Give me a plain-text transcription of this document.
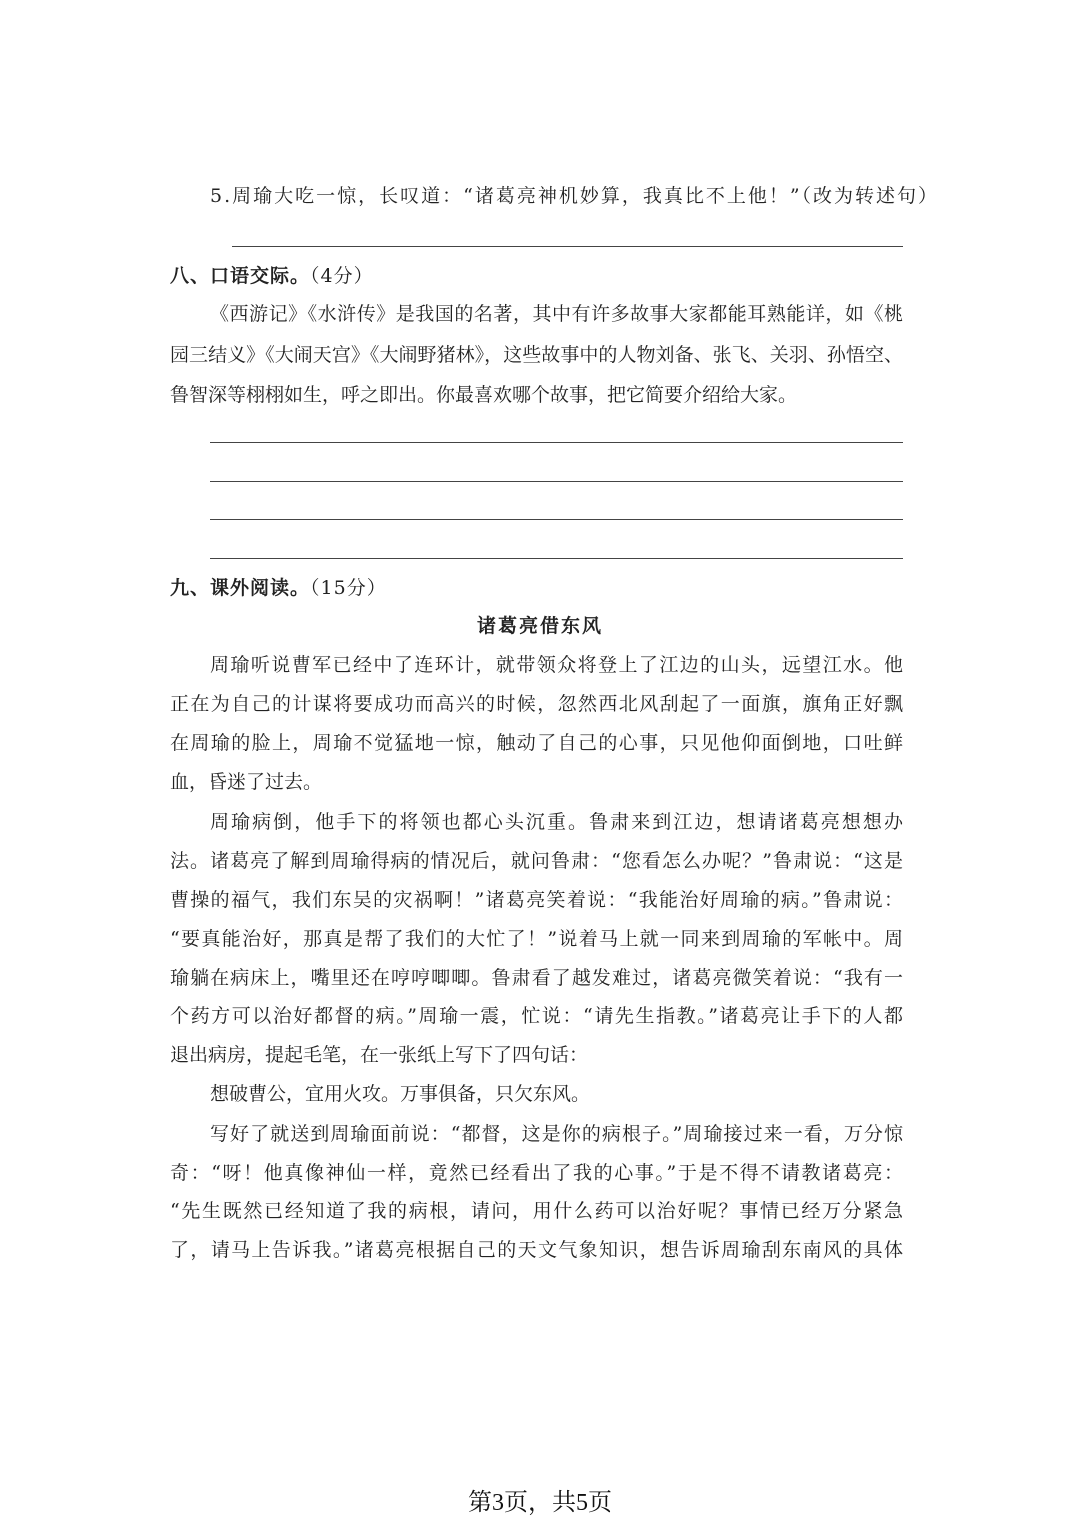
5.周瑜大吃一惊，长叹道：“诸葛亮神机妙算，我真比不上他！”（改为转述句）
八、口语交际。（4分）
《西游记》《水浒传》是我国的名著，其中有许多故事大家都能耳熟能详，如《桃
园三结义》《大闹天宫》《大闹野猪林》，这些故事中的人物刘备、张飞、关羽、孙悟空、
鲁智深等栩栩如生，呼之即出。你最喜欢哪个故事，把它简要介绍给大家。
九、课外阅读。（15分）
诸葛亮借东风
周瑜听说曹军已经中了连环计，就带领众将登上了江边的山头，远望江水。他
正在为自己的计谋将要成功而高兴的时候，忽然西北风刮起了一面旗，旗角正好飘
在周瑜的脸上，周瑜不觉猛地一惊，触动了自己的心事，只见他仰面倒地，口吐鲜
血，昏迷了过去。
周瑜病倒，他手下的将领也都心头沉重。鲁肃来到江边，想请诸葛亮想想办
法。诸葛亮了解到周瑜得病的情况后，就问鲁肃：“您看怎么办呢？”鲁肃说：“这是
曹操的福气，我们东吴的灾祸啊！”诸葛亮笑着说：“我能治好周瑜的病。”鲁肃说：
“要真能治好，那真是帮了我们的大忙了！”说着马上就一同来到周瑜的军帐中。周
瑜躺在病床上，嘴里还在哼哼唧唧。鲁肃看了越发难过，诸葛亮微笑着说：“我有一
个药方可以治好都督的病。”周瑜一震，忙说：“请先生指教。”诸葛亮让手下的人都
退出病房，提起毛笔，在一张纸上写下了四句话：
想破曹公，宜用火攻。万事俱备，只欠东风。
写好了就送到周瑜面前说：“都督，这是你的病根子。”周瑜接过来一看，万分惊
奇：“呀！他真像神仙一样，竟然已经看出了我的心事。”于是不得不请教诸葛亮：
“先生既然已经知道了我的病根，请问，用什么药可以治好呢？事情已经万分紧急
了，请马上告诉我。”诸葛亮根据自己的天文气象知识，想告诉周瑜刮东南风的具体
第3页，共5页
